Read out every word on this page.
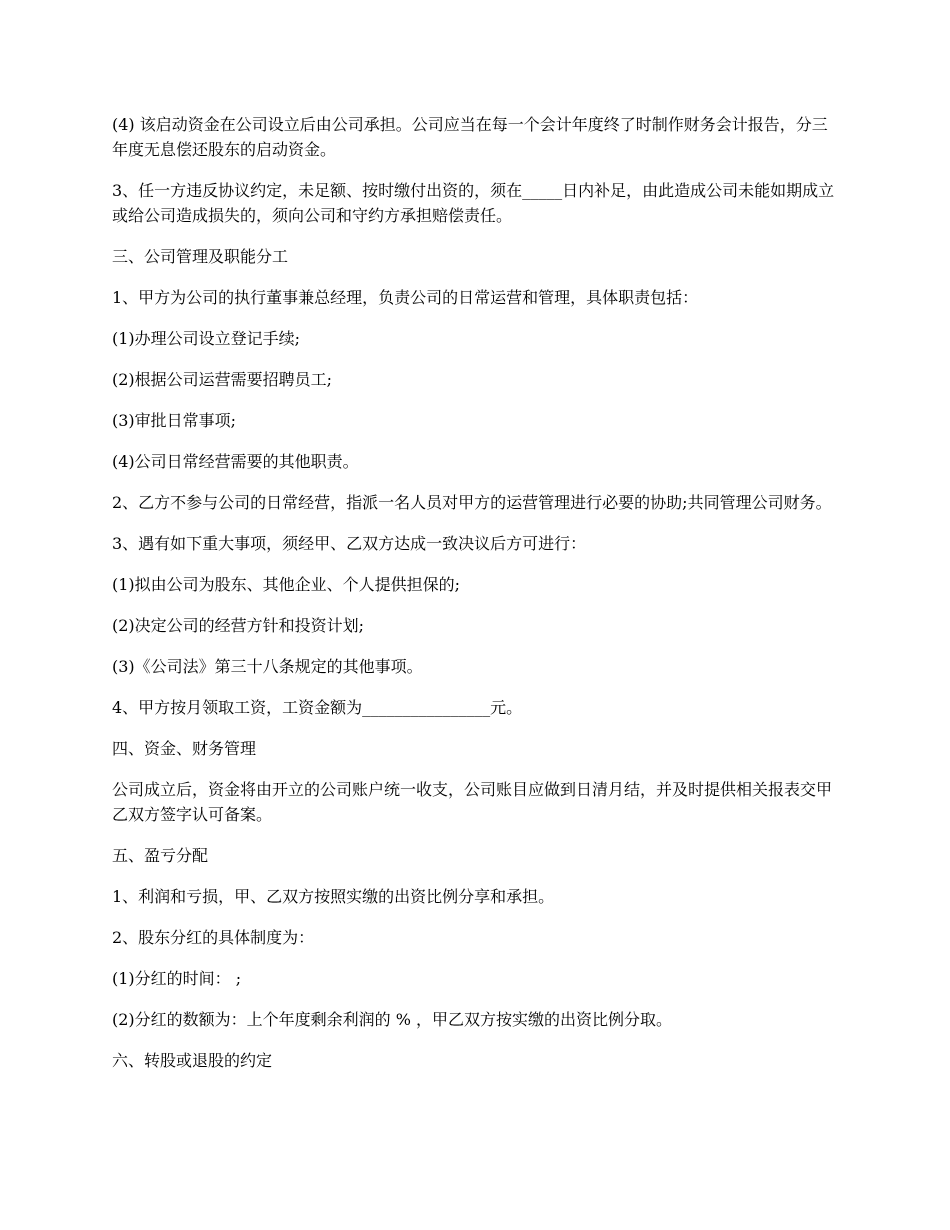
(4) 该启动资金在公司设立后由公司承担。公司应当在每一个会计年度终了时制作财务会计报告，分三年度无息偿还股东的启动资金。

3、任一方违反协议约定，未足额、按时缴付出资的，须在_____日内补足，由此造成公司未能如期成立或给公司造成损失的，须向公司和守约方承担赔偿责任。

三、公司管理及职能分工

1、甲方为公司的执行董事兼总经理，负责公司的日常运营和管理，具体职责包括：

(1)办理公司设立登记手续;

(2)根据公司运营需要招聘员工;

(3)审批日常事项;

(4)公司日常经营需要的其他职责。

2、乙方不参与公司的日常经营，指派一名人员对甲方的运营管理进行必要的协助;共同管理公司财务。

3、遇有如下重大事项，须经甲、乙双方达成一致决议后方可进行：

(1)拟由公司为股东、其他企业、个人提供担保的;

(2)决定公司的经营方针和投资计划;

(3)《公司法》第三十八条规定的其他事项。

4、甲方按月领取工资，工资金额为________________元。

四、资金、财务管理

公司成立后，资金将由开立的公司账户统一收支，公司账目应做到日清月结，并及时提供相关报表交甲乙双方签字认可备案。

五、盈亏分配

1、利润和亏损，甲、乙双方按照实缴的出资比例分享和承担。

2、股东分红的具体制度为：

(1)分红的时间： ;

(2)分红的数额为：上个年度剩余利润的 % ，甲乙双方按实缴的出资比例分取。

六、转股或退股的约定
